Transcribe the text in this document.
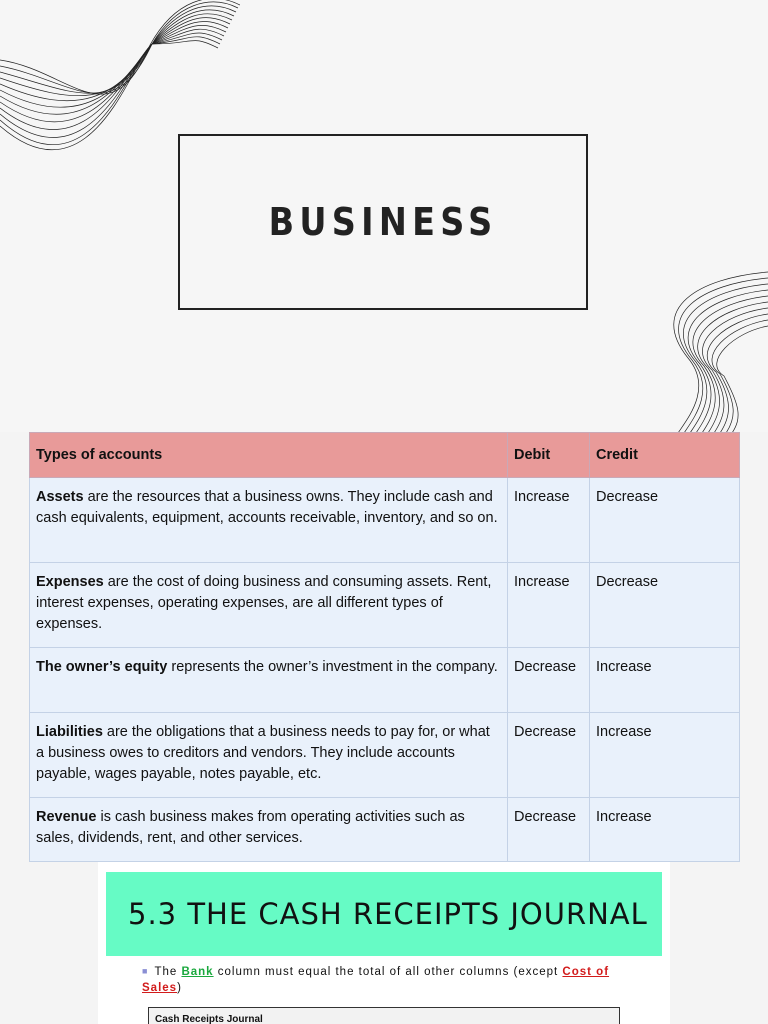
BUSINESS
Types of accounts	Debit	Credit
Assets are the resources that a business owns. They include cash and cash equivalents, equipment, accounts receivable, inventory, and so on.	Increase	Decrease
Expenses are the cost of doing business and consuming assets. Rent, interest expenses, operating expenses, are all different types of expenses.	Increase	Decrease
The owner’s equity represents the owner’s investment in the company.	Decrease	Increase
Liabilities are the obligations that a business needs to pay for, or what a business owes to creditors and vendors. They include accounts payable, wages payable, notes payable, etc.	Decrease	Increase
Revenue is cash business makes from operating activities such as sales, dividends, rent, and other services.	Decrease	Increase
5.3 THE CASH RECEIPTS JOURNAL
■ The Bank column must equal the total of all other columns (except Cost of Sales)
Cash Receipts Journal
